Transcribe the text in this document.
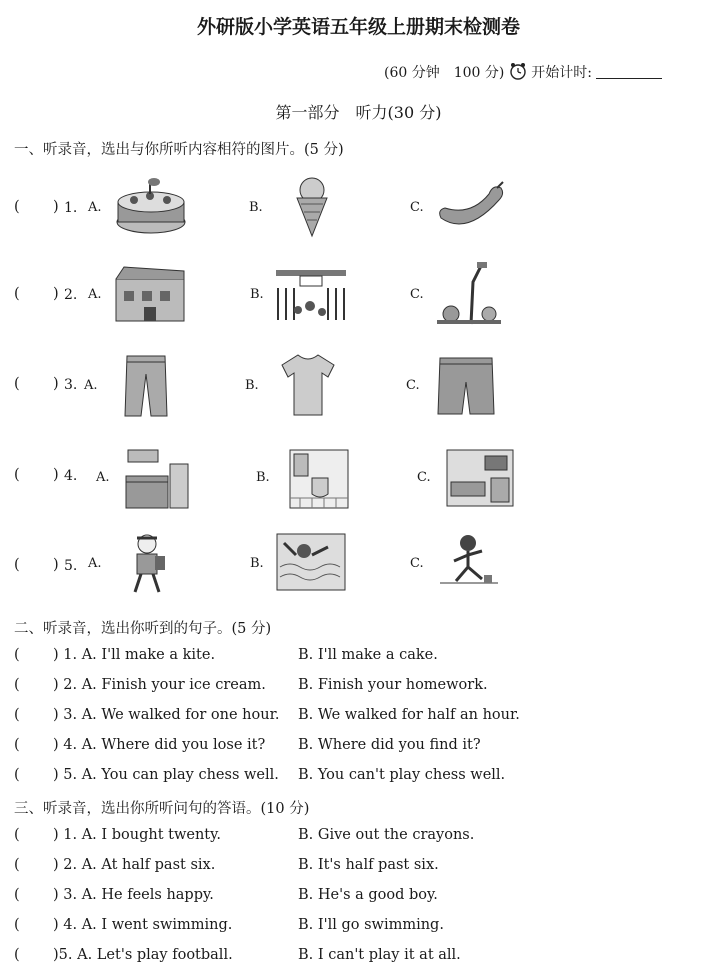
外研版小学英语五年级上册期末检测卷
(60 分钟　100 分) 开始计时:
第一部分　听力(30 分)
一、听录音，选出与你所听内容相符的图片。(5 分)
( ) 1. A.	B.	C.
( ) 2. A.	B.	C.
( ) 3. A.	B.	C.
( ) 4. A.	B.	C.
( ) 5. A.	B.	C.
二、听录音，选出你听到的句子。(5 分)
( ) 1. A. I'll make a kite.	B. I'll make a cake.
( ) 2. A. Finish your ice cream. B. Finish your homework.
( ) 3. A. We walked for one hour. B. We walked for half an hour.
( ) 4. A. Where did you lose it? B. Where did you find it?
( ) 5. A. You can play chess well. B. You can't play chess well.
三、听录音，选出你所听问句的答语。(10 分)
( ) 1. A. I bought twenty.	B. Give out the crayons.
( ) 2. A. At half past six.	B. It's half past six.
( ) 3. A. He feels happy.	B. He's a good boy.
( ) 4. A. I went swimming.	B. I'll go swimming.
( )5. A. Let's play football.	B. I can't play it at all.
